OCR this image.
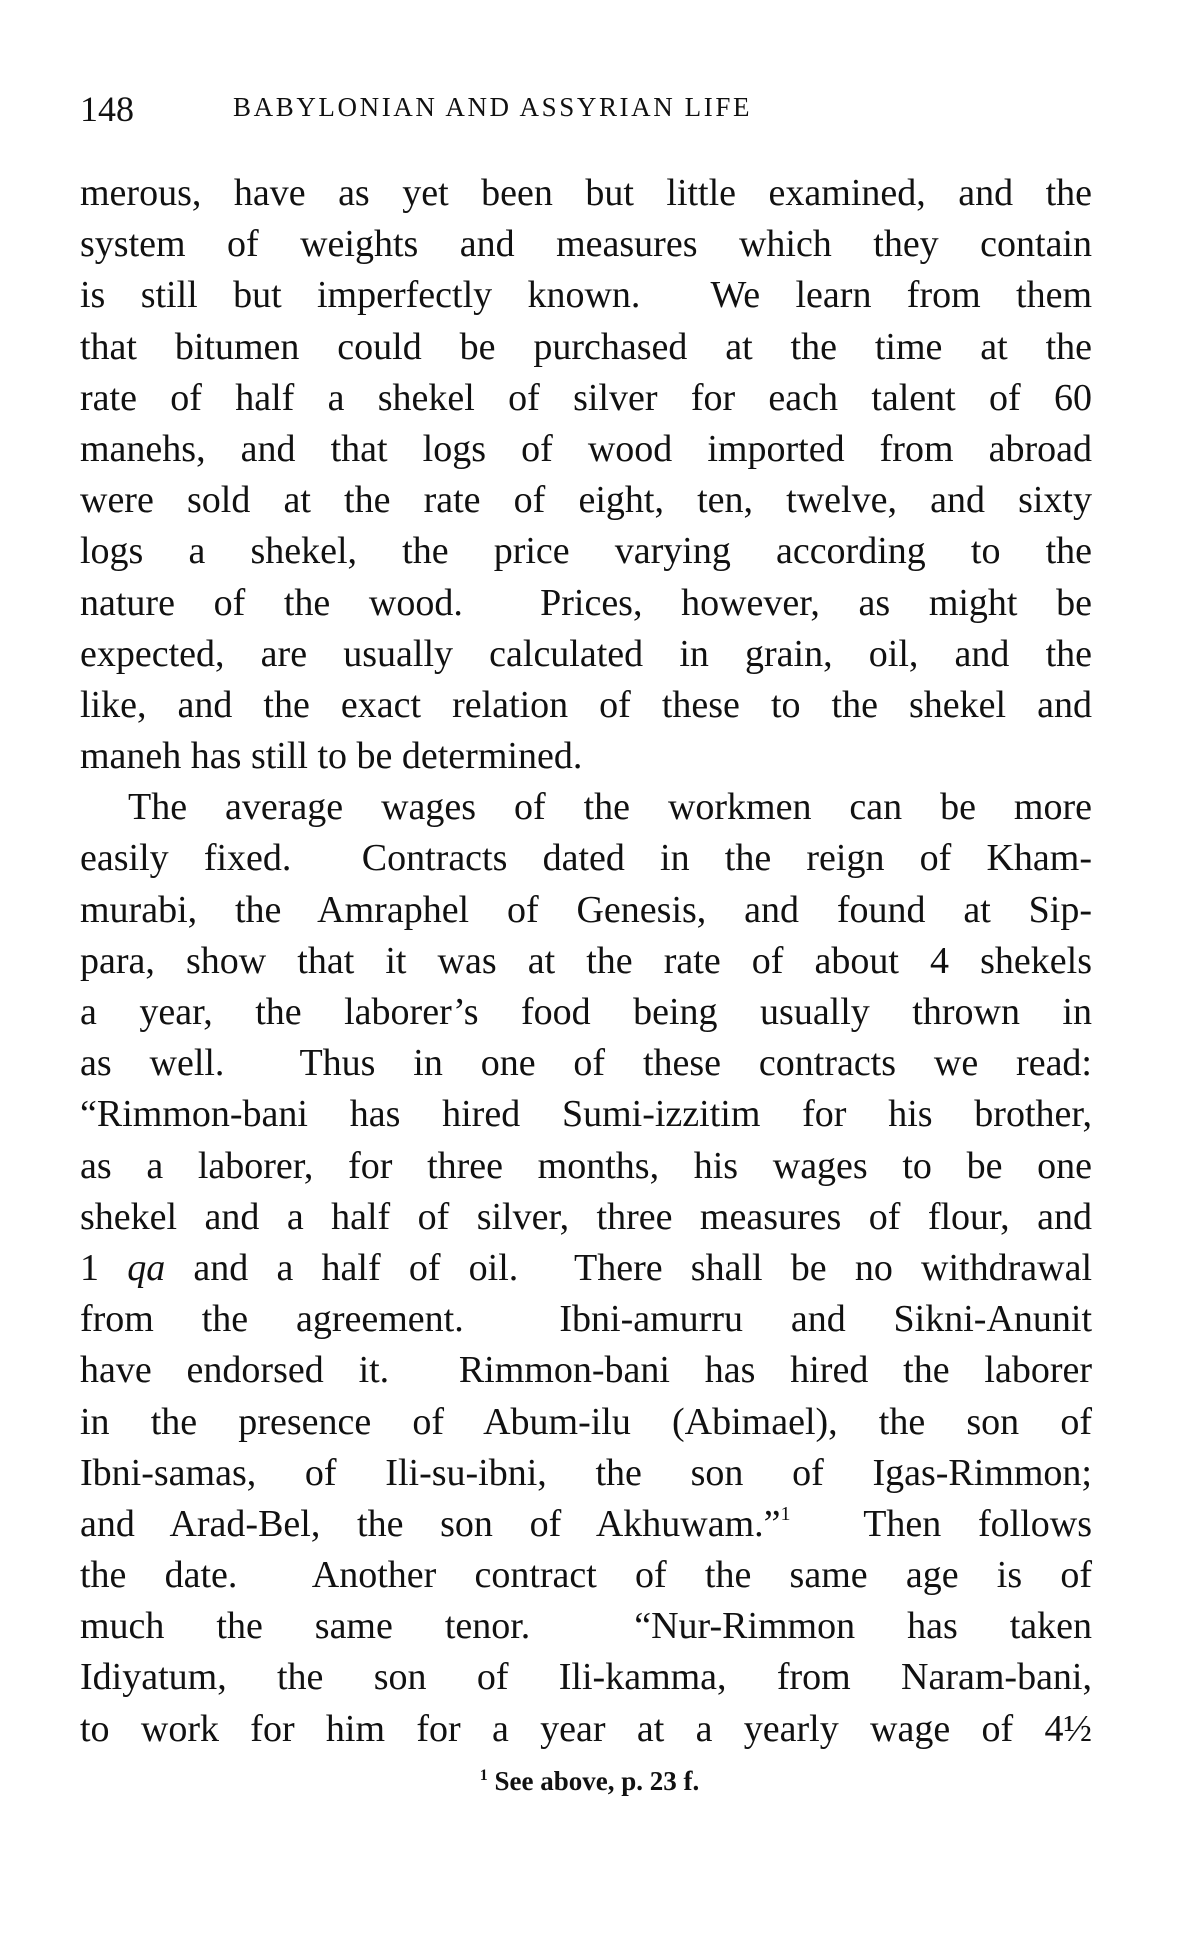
148	BABYLONIAN AND ASSYRIAN LIFE
merous, have as yet been but little examined, and the
system of weights and measures which they contain
is still but imperfectly known.  We learn from them
that bitumen could be purchased at the time at the
rate of half a shekel of silver for each talent of 60
manehs, and that logs of wood imported from abroad
were sold at the rate of eight, ten, twelve, and sixty
logs a shekel, the price varying according to the
nature of the wood.  Prices, however, as might be
expected, are usually calculated in grain, oil, and the
like, and the exact relation of these to the shekel and
maneh has still to be determined.
The average wages of the workmen can be more
easily fixed.  Contracts dated in the reign of Kham-
murabi, the Amraphel of Genesis, and found at Sip-
para, show that it was at the rate of about 4 shekels
a year, the laborer’s food being usually thrown in
as well.  Thus in one of these contracts we read:
“Rimmon-bani has hired Sumi-izzitim for his brother,
as a laborer, for three months, his wages to be one
shekel and a half of silver, three measures of flour, and
1 qa and a half of oil.  There shall be no withdrawal
from the agreement.  Ibni-amurru and Sikni-Anunit
have endorsed it.  Rimmon-bani has hired the laborer
in the presence of Abum-ilu (Abimael), the son of
Ibni-samas, of Ili-su-ibni, the son of Igas-Rimmon;
and Arad-Bel, the son of Akhuwam.”$^1$  Then follows
the date.  Another contract of the same age is of
much the same tenor.  “Nur-Rimmon has taken
Idiyatum, the son of Ili-kamma, from Naram-bani,
to work for him for a year at a yearly wage of 4½
$^1$ See above, p. 23 f.
